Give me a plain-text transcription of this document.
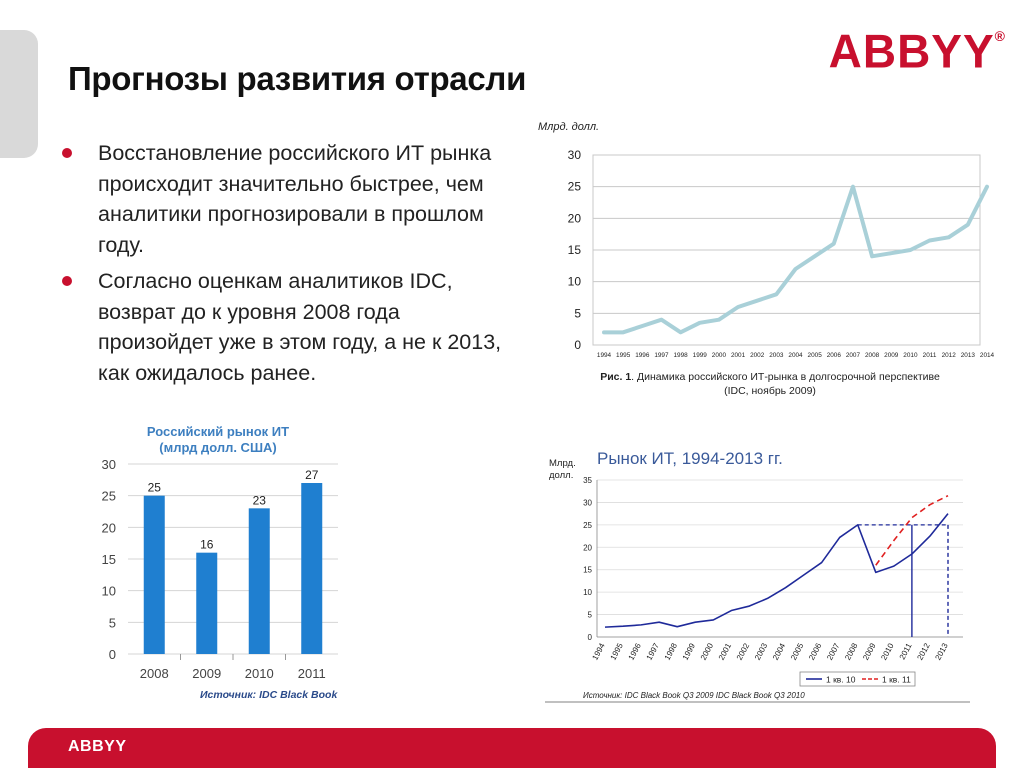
ABBYY®
Прогнозы развития отрасли
Восстановление российского ИТ рынка происходит значительно быстрее, чем аналитики прогнозировали в прошлом году.
Согласно оценкам аналитиков IDC, возврат до к уровня 2008 года произойдет уже в этом году, а не к 2013, как ожидалось ранее.
Млрд. долл.
0
5
10
15
20
25
30
1994 1995 1996 1997 1998 1999 2000 2001 2002 2003 2004 2005 2006 2007 2008 2009 2010 2011 2012 2013 2014
Рис. 1. Динамика российского ИТ-рынка в долгосрочной перспективе
(IDC, ноябрь 2009)
Российский рынок ИТ
(млрд долл. США)
0
5
10
15
20
25
30
25
2008
16
2009
23
2010
27
2011
Источник: IDC Black Book
Рынок ИТ, 1994-2013 гг.
Млрд.
долл.
0
5
10
15
20
25
30
35
1994 1995 1996 1997 1998 1999 2000 2001 2002 2003 2004 2005 2006 2007 2008 2009 2010 2011 2012 2013
1 кв. 10	1 кв. 11
Источник: IDC Black Book Q3 2009 IDC Black Book Q3 2010
ABBYY
